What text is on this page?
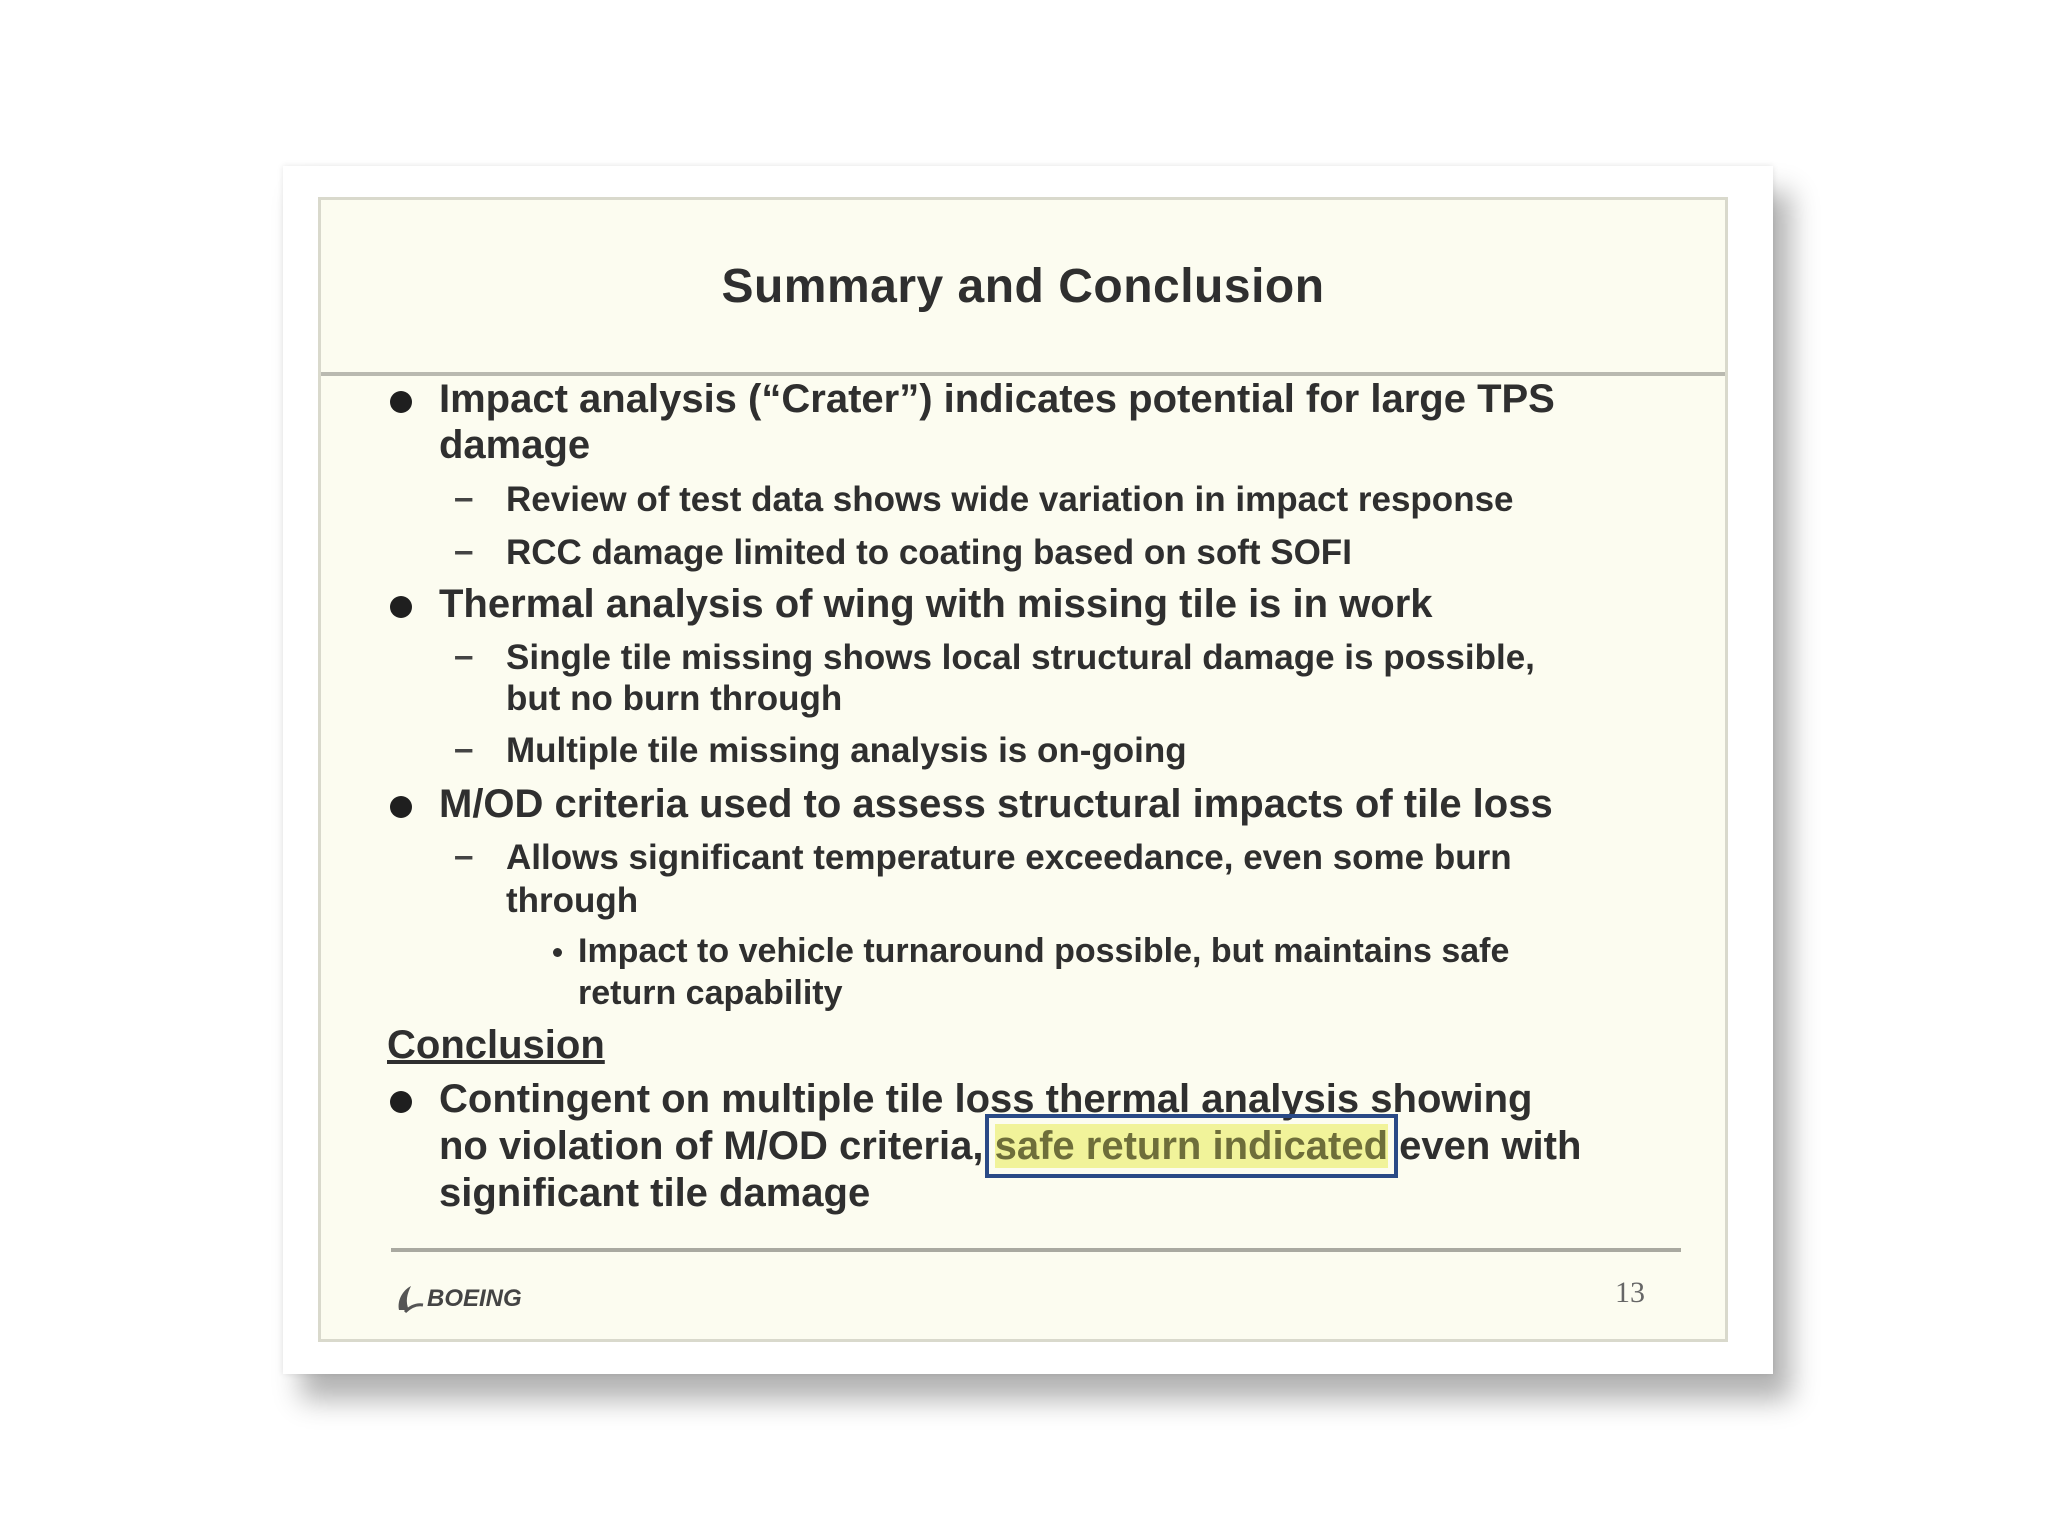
Summary and Conclusion
Impact analysis (“Crater”) indicates potential for large TPS
damage
– Review of test data shows wide variation in impact response
– RCC damage limited to coating based on soft SOFI
Thermal analysis of wing with missing tile is in work
– Single tile missing shows local structural damage is possible,
but no burn through
– Multiple tile missing analysis is on-going
M/OD criteria used to assess structural impacts of tile loss
– Allows significant temperature exceedance, even some burn
through
Impact to vehicle turnaround possible, but maintains safe
return capability
Conclusion
Contingent on multiple tile loss thermal analysis showing
no violation of M/OD criteria, safe return indicated even with
significant tile damage
BOEING	13
